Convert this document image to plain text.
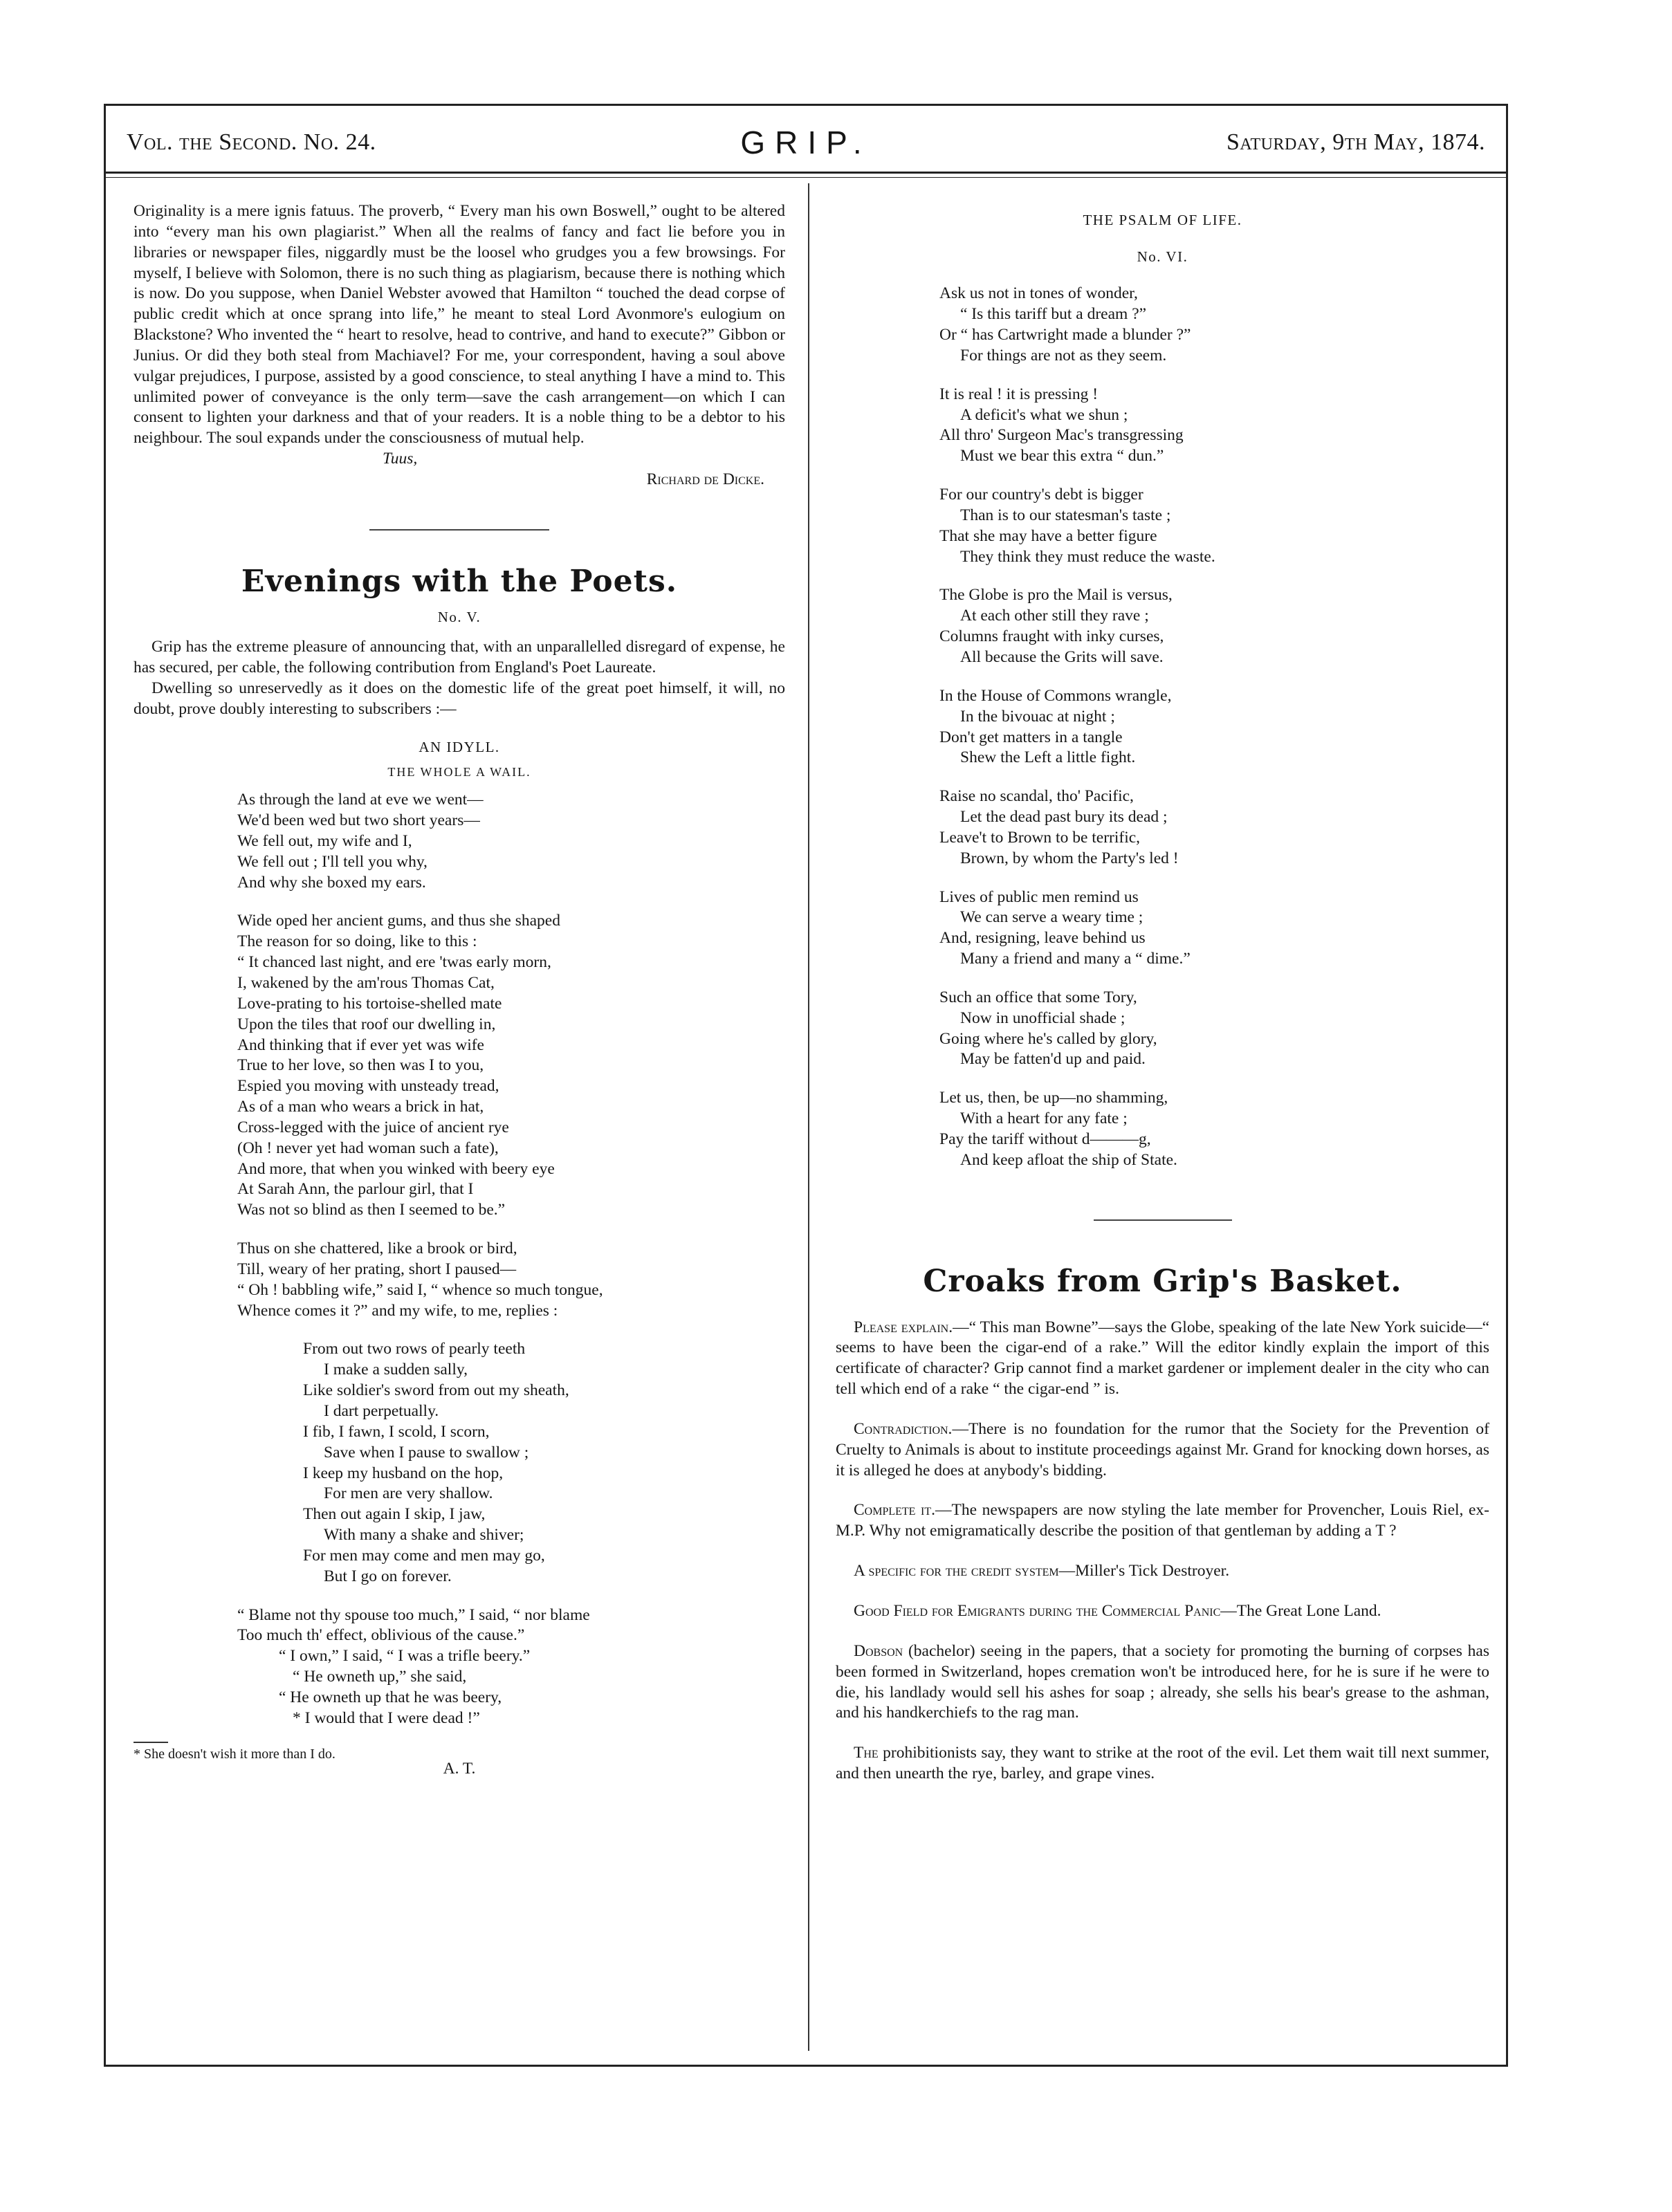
Vol. the Second. No. 24.	GRIP.	Saturday, 9th May, 1874.

Originality is a mere ignis fatuus. The proverb, “ Every man his own Boswell,” ought to be altered into “every man his own plagiarist.” When all the realms of fancy and fact lie before you in libraries or newspaper files, niggardly must be the loosel who grudges you a few browsings. For myself, I believe with Solomon, there is no such thing as plagiarism, because there is nothing which is now. Do you suppose, when Daniel Webster avowed that Hamilton “ touched the dead corpse of public credit which at once sprang into life,” he meant to steal Lord Avonmore's eulogium on Blackstone? Who invented the “ heart to resolve, head to contrive, and hand to execute?” Gibbon or Junius. Or did they both steal from Machiavel? For me, your correspondent, having a soul above vulgar prejudices, I purpose, assisted by a good conscience, to steal anything I have a mind to. This unlimited power of conveyance is the only term—save the cash arrangement—on which I can consent to lighten your darkness and that of your readers. It is a noble thing to be a debtor to his neighbour. The soul expands under the consciousness of mutual help.

Tuus,

Richard de Dicke.

Evenings with the Poets.
No. V.

Grip has the extreme pleasure of announcing that, with an unparallelled disregard of expense, he has secured, per cable, the following contribution from England's Poet Laureate.

Dwelling so unreservedly as it does on the domestic life of the great poet himself, it will, no doubt, prove doubly interesting to subscribers :—

AN IDYLL.
THE WHOLE A WAIL.
As through the land at eve we went—
We'd been wed but two short years—
We fell out, my wife and I,
We fell out ; I'll tell you why,
And why she boxed my ears.
Wide oped her ancient gums, and thus she shaped
The reason for so doing, like to this :
“ It chanced last night, and ere 'twas early morn,
I, wakened by the am'rous Thomas Cat,
Love-prating to his tortoise-shelled mate
Upon the tiles that roof our dwelling in,
And thinking that if ever yet was wife
True to her love, so then was I to you,
Espied you moving with unsteady tread,
As of a man who wears a brick in hat,
Cross-legged with the juice of ancient rye
(Oh ! never yet had woman such a fate),
And more, that when you winked with beery eye
At Sarah Ann, the parlour girl, that I
Was not so blind as then I seemed to be.”
Thus on she chattered, like a brook or bird,
Till, weary of her prating, short I paused—
“ Oh ! babbling wife,” said I, “ whence so much tongue,
Whence comes it ?” and my wife, to me, replies :
From out two rows of pearly teeth
I make a sudden sally,
Like soldier's sword from out my sheath,
I dart perpetually.
I fib, I fawn, I scold, I scorn,
Save when I pause to swallow ;
I keep my husband on the hop,
For men are very shallow.
Then out again I skip, I jaw,
With many a shake and shiver;
For men may come and men may go,
But I go on forever.
“ Blame not thy spouse too much,” I said, “ nor blame
Too much th' effect, oblivious of the cause.”
“ I own,” I said, “ I was a trifle beery.”
“ He owneth up,” she said,
“ He owneth up that he was beery,
* I would that I were dead !”
* She doesn't wish it more than I do.
A. T.
THE PSALM OF LIFE.
No. VI.
Ask us not in tones of wonder,
“ Is this tariff but a dream ?”
Or “ has Cartwright made a blunder ?”
For things are not as they seem.
It is real ! it is pressing !
A deficit's what we shun ;
All thro' Surgeon Mac's transgressing
Must we bear this extra “ dun.”
For our country's debt is bigger
Than is to our statesman's taste ;
That she may have a better figure
They think they must reduce the waste.
The Globe is pro the Mail is versus,
At each other still they rave ;
Columns fraught with inky curses,
All because the Grits will save.
In the House of Commons wrangle,
In the bivouac at night ;
Don't get matters in a tangle
Shew the Left a little fight.
Raise no scandal, tho' Pacific,
Let the dead past bury its dead ;
Leave't to Brown to be terrific,
Brown, by whom the Party's led !
Lives of public men remind us
We can serve a weary time ;
And, resigning, leave behind us
Many a friend and many a “ dime.”
Such an office that some Tory,
Now in unofficial shade ;
Going where he's called by glory,
May be fatten'd up and paid.
Let us, then, be up—no shamming,
With a heart for any fate ;
Pay the tariff without d———g,
And keep afloat the ship of State.
Croaks from Grip's Basket.

Please explain.—“ This man Bowne”—says the Globe, speaking of the late New York suicide—“ seems to have been the cigar-end of a rake.” Will the editor kindly explain the import of this certificate of character? Grip cannot find a market gardener or implement dealer in the city who can tell which end of a rake “ the cigar-end ” is.

Contradiction.—There is no foundation for the rumor that the Society for the Prevention of Cruelty to Animals is about to institute proceedings against Mr. Grand for knocking down horses, as it is alleged he does at anybody's bidding.

Complete it.—The newspapers are now styling the late member for Provencher, Louis Riel, ex-M.P. Why not emigramatically describe the position of that gentleman by adding a T ?

A specific for the credit system—Miller's Tick Destroyer.

Good Field for Emigrants during the Commercial Panic—The Great Lone Land.

Dobson (bachelor) seeing in the papers, that a society for promoting the burning of corpses has been formed in Switzerland, hopes cremation won't be introduced here, for he is sure if he were to die, his landlady would sell his ashes for soap ; already, she sells his bear's grease to the ashman, and his handkerchiefs to the rag man.

The prohibitionists say, they want to strike at the root of the evil. Let them wait till next summer, and then unearth the rye, barley, and grape vines.
